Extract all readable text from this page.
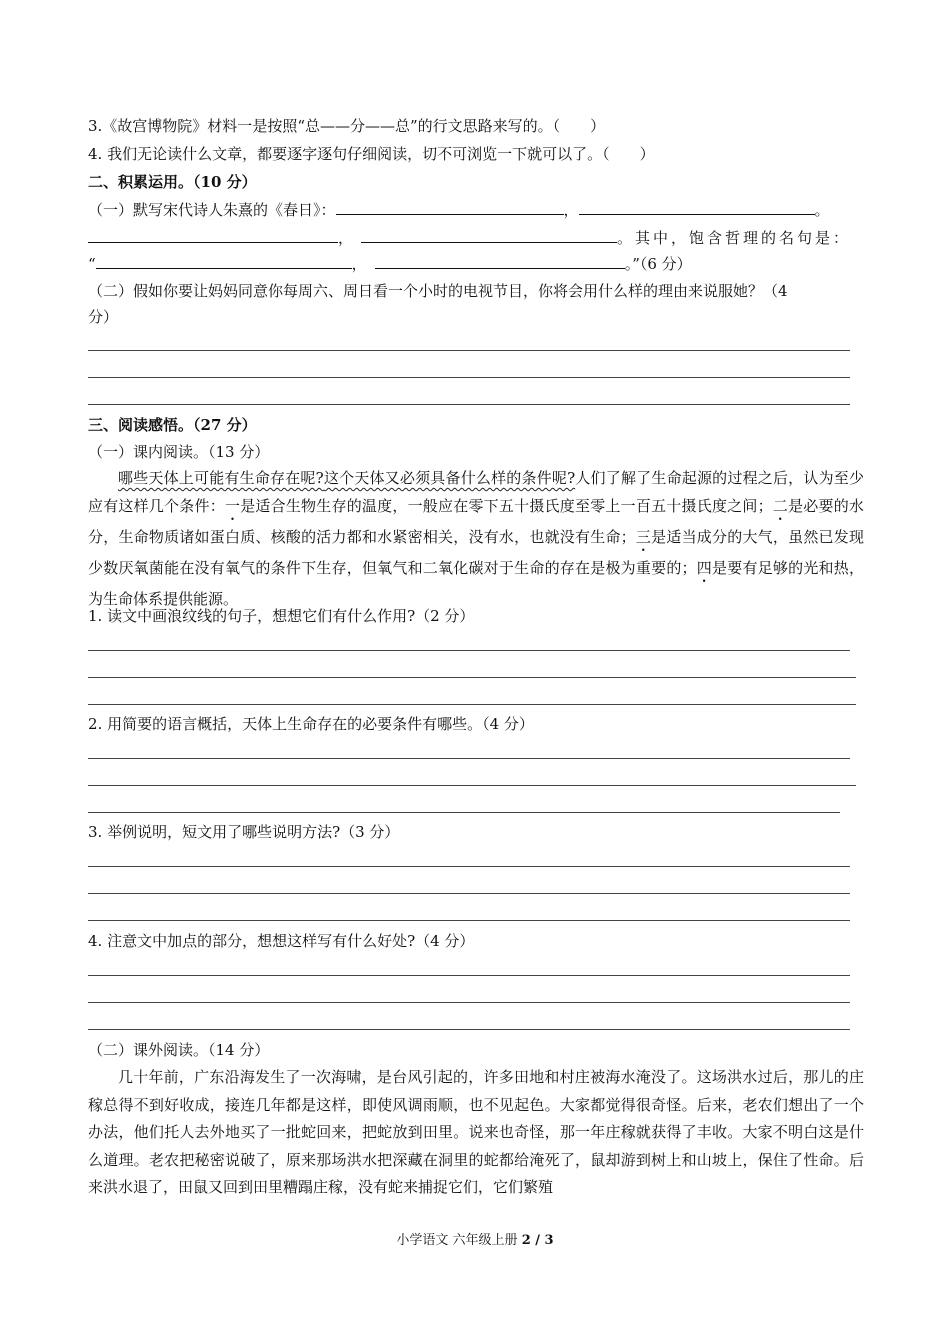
3.《故宫博物院》材料一是按照“总——分——总”的行文思路来写的。（　　）
4. 我们无论读什么文章，都要逐字逐句仔细阅读，切不可浏览一下就可以了。（　　）
二、积累运用。（10 分）
（一）默写宋代诗人朱熹的《春日》：	，	。
，	。其中，饱含哲理的名句是：
“	，	。”（6 分）
（二）假如你要让妈妈同意你每周六、周日看一个小时的电视节目，你将会用什么样的理由来说服她？（4
分）
三、阅读感悟。（27 分）
（一）课内阅读。（13 分）
哪些天体上可能有生命存在呢?这个天体又必须具备什么样的条件呢?人们了解了生命起源的过程之后，认为至少应有这样几个条件：一是适合生物生存的温度，一般应在零下五十摄氏度至零上一百五十摄氏度之间；二是必要的水分，生命物质诸如蛋白质、核酸的活力都和水紧密相关，没有水，也就没有生命；三是适当成分的大气，虽然已发现少数厌氧菌能在没有氧气的条件下生存，但氧气和二氧化碳对于生命的存在是极为重要的；四是要有足够的光和热，为生命体系提供能源。
1. 读文中画浪纹线的句子，想想它们有什么作用?（2 分）
2. 用简要的语言概括，天体上生命存在的必要条件有哪些。（4 分）
3. 举例说明，短文用了哪些说明方法?（3 分）
4. 注意文中加点的部分，想想这样写有什么好处?（4 分）
（二）课外阅读。（14 分）
几十年前，广东沿海发生了一次海啸，是台风引起的，许多田地和村庄被海水淹没了。这场洪水过后，那儿的庄稼总得不到好收成，接连几年都是这样，即使风调雨顺，也不见起色。大家都觉得很奇怪。后来，老农们想出了一个办法，他们托人去外地买了一批蛇回来，把蛇放到田里。说来也奇怪，那一年庄稼就获得了丰收。大家不明白这是什么道理。老农把秘密说破了，原来那场洪水把深藏在洞里的蛇都给淹死了，鼠却游到树上和山坡上，保住了性命。后来洪水退了，田鼠又回到田里糟蹋庄稼，没有蛇来捕捉它们，它们繁殖
小学语文 六年级上册 2 / 3
